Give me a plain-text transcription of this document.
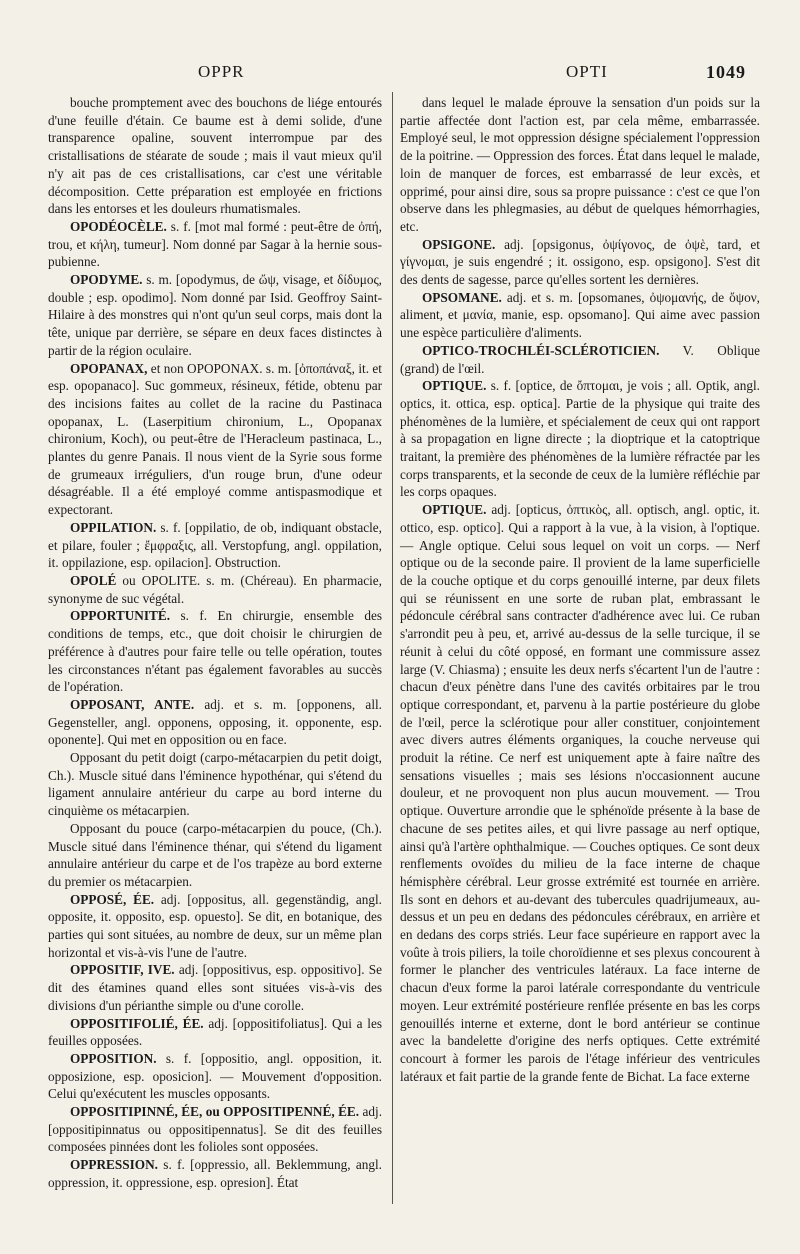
OPPR	OPTI	1049

bouche promptement avec des bouchons de liége entourés d'une feuille d'étain. Ce baume est à demi solide, d'une transparence opaline, souvent interrompue par des cristallisations de stéarate de soude ; mais il vaut mieux qu'il n'y ait pas de ces cristallisations, car c'est une véritable décomposition. Cette préparation est employée en frictions dans les entorses et les douleurs rhumatismales.

OPODÉOCÈLE. s. f. [mot mal formé : peut-être de ὀπή, trou, et κήλη, tumeur]. Nom donné par Sagar à la hernie sous-pubienne.

OPODYME. s. m. [opodymus, de ὤψ, visage, et δίδυμος, double ; esp. opodimo]. Nom donné par Isid. Geoffroy Saint-Hilaire à des monstres qui n'ont qu'un seul corps, mais dont la tête, unique par derrière, se sépare en deux faces distinctes à partir de la région oculaire.

OPOPANAX, et non OPOPONAX. s. m. [ὀποπάναξ, it. et esp. opopanaco]. Suc gommeux, résineux, fétide, obtenu par des incisions faites au collet de la racine du Pastinaca opopanax, L. (Laserpitium chironium, L., Opopanax chironium, Koch), ou peut-être de l'Heracleum pastinaca, L., plantes du genre Panais. Il nous vient de la Syrie sous forme de grumeaux irréguliers, d'un rouge brun, d'une odeur désagréable. Il a été employé comme antispasmodique et expectorant.

OPPILATION. s. f. [oppilatio, de ob, indiquant obstacle, et pilare, fouler ; ἔμφραξις, all. Verstopfung, angl. oppilation, it. oppilazione, esp. opilacion]. Obstruction.

OPOLÉ ou OPOLITE. s. m. (Chéreau). En pharmacie, synonyme de suc végétal.

OPPORTUNITÉ. s. f. En chirurgie, ensemble des conditions de temps, etc., que doit choisir le chirurgien de préférence à d'autres pour faire telle ou telle opération, toutes les circonstances n'étant pas également favorables au succès de l'opération.

OPPOSANT, ANTE. adj. et s. m. [opponens, all. Gegensteller, angl. opponens, opposing, it. opponente, esp. oponente]. Qui met en opposition ou en face.

Opposant du petit doigt (carpo-métacarpien du petit doigt, Ch.). Muscle situé dans l'éminence hypothénar, qui s'étend du ligament annulaire antérieur du carpe au bord interne du cinquième os métacarpien.

Opposant du pouce (carpo-métacarpien du pouce, (Ch.). Muscle situé dans l'éminence thénar, qui s'étend du ligament annulaire antérieur du carpe et de l'os trapèze au bord externe du premier os métacarpien.

OPPOSÉ, ÉE. adj. [oppositus, all. gegenständig, angl. opposite, it. opposito, esp. opuesto]. Se dit, en botanique, des parties qui sont situées, au nombre de deux, sur un même plan horizontal et vis-à-vis l'une de l'autre.

OPPOSITIF, IVE. adj. [oppositivus, esp. oppositivo]. Se dit des étamines quand elles sont situées vis-à-vis des divisions d'un périanthe simple ou d'une corolle.

OPPOSITIFOLIÉ, ÉE. adj. [oppositifoliatus]. Qui a les feuilles opposées.

OPPOSITION. s. f. [oppositio, angl. opposition, it. opposizione, esp. oposicion]. — Mouvement d'opposition. Celui qu'exécutent les muscles opposants.

OPPOSITIPINNÉ, ÉE, ou OPPOSITIPENNÉ, ÉE. adj. [oppositipinnatus ou oppositipennatus]. Se dit des feuilles composées pinnées dont les folioles sont opposées.

OPPRESSION. s. f. [oppressio, all. Beklemmung, angl. oppression, it. oppressione, esp. opresion]. État

dans lequel le malade éprouve la sensation d'un poids sur la partie affectée dont l'action est, par cela même, embarrassée. Employé seul, le mot oppression désigne spécialement l'oppression de la poitrine. — Oppression des forces. État dans lequel le malade, loin de manquer de forces, est embarrassé de leur excès, et opprimé, pour ainsi dire, sous sa propre puissance : c'est ce que l'on observe dans les phlegmasies, au début de quelques hémorrhagies, etc.

OPSIGONE. adj. [opsigonus, ὀψίγονος, de ὀψὲ, tard, et γίγνομαι, je suis engendré ; it. ossigono, esp. opsigono]. S'est dit des dents de sagesse, parce qu'elles sortent les dernières.

OPSOMANE. adj. et s. m. [opsomanes, ὀψομανής, de ὄψον, aliment, et μανία, manie, esp. opsomano]. Qui aime avec passion une espèce particulière d'aliments.

OPTICO-TROCHLÉI-SCLÉROTICIEN. V. Oblique (grand) de l'œil.

OPTIQUE. s. f. [optice, de ὄπτομαι, je vois ; all. Optik, angl. optics, it. ottica, esp. optica]. Partie de la physique qui traite des phénomènes de la lumière, et spécialement de ceux qui ont rapport à sa propagation en ligne directe ; la dioptrique et la catoptrique traitant, la première des phénomènes de la lumière réfractée par les corps transparents, et la seconde de ceux de la lumière réfléchie par les corps opaques.

OPTIQUE. adj. [opticus, ὀπτικὸς, all. optisch, angl. optic, it. ottico, esp. optico]. Qui a rapport à la vue, à la vision, à l'optique. — Angle optique. Celui sous lequel on voit un corps. — Nerf optique ou de la seconde paire. Il provient de la lame superficielle de la couche optique et du corps genouillé interne, par deux filets qui se réunissent en une sorte de ruban plat, embrassant le pédoncule cérébral sans contracter d'adhérence avec lui. Ce ruban s'arrondit peu à peu, et, arrivé au-dessus de la selle turcique, il se réunit à celui du côté opposé, en formant une commissure assez large (V. Chiasma) ; ensuite les deux nerfs s'écartent l'un de l'autre : chacun d'eux pénètre dans l'une des cavités orbitaires par le trou optique correspondant, et, parvenu à la partie postérieure du globe de l'œil, perce la sclérotique pour aller constituer, conjointement avec divers autres éléments organiques, la couche nerveuse qui produit la rétine. Ce nerf est uniquement apte à faire naître des sensations visuelles ; mais ses lésions n'occasionnent aucune douleur, et ne provoquent non plus aucun mouvement. — Trou optique. Ouverture arrondie que le sphénoïde présente à la base de chacune de ses petites ailes, et qui livre passage au nerf optique, ainsi qu'à l'artère ophthalmique. — Couches optiques. Ce sont deux renflements ovoïdes du milieu de la face interne de chaque hémisphère cérébral. Leur grosse extrémité est tournée en arrière. Ils sont en dehors et au-devant des tubercules quadrijumeaux, au-dessus et un peu en dedans des pédoncules cérébraux, en arrière et en dedans des corps striés. Leur face supérieure en rapport avec la voûte à trois piliers, la toile choroïdienne et ses plexus concourent à former le plancher des ventricules latéraux. La face interne de chacun d'eux forme la paroi latérale correspondante du ventricule moyen. Leur extrémité postérieure renflée présente en bas les corps genouillés interne et externe, dont le bord antérieur se continue avec la bandelette d'origine des nerfs optiques. Cette extrémité concourt à former les parois de l'étage inférieur des ventricules latéraux et fait partie de la grande fente de Bichat. La face externe
